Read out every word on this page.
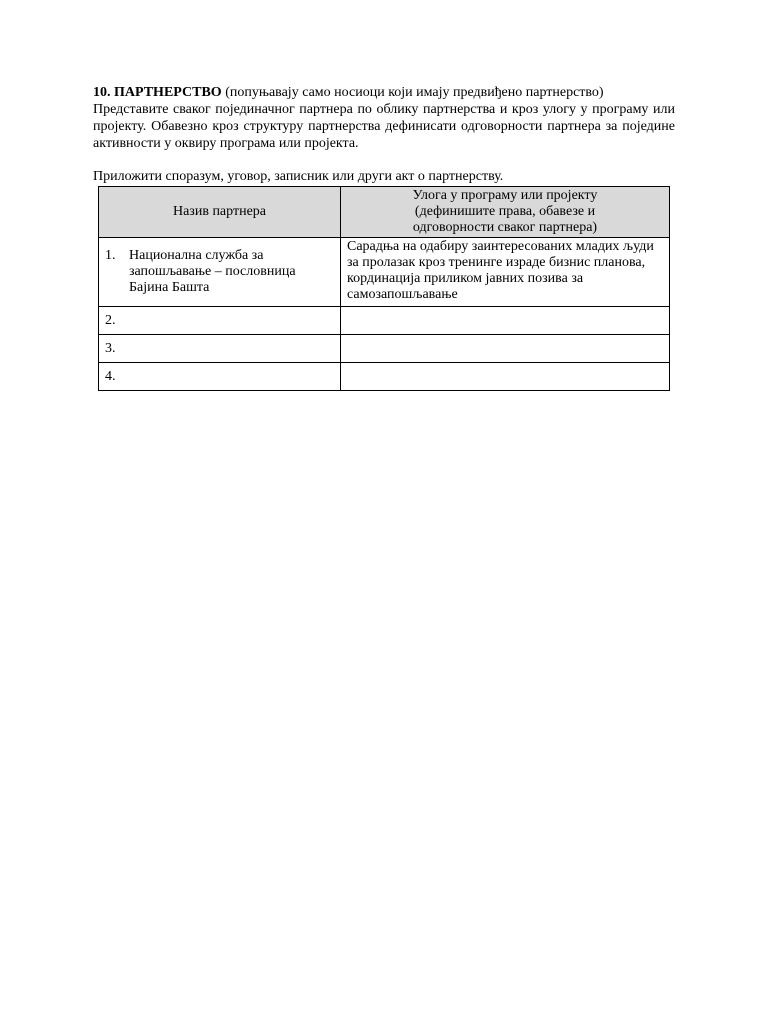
10. ПАРТНЕРСТВО (попуњавају само носиоци који имају предвиђено партнерство)

Представите сваког појединачног партнера по облику партнерства и кроз улогу у програму или пројекту. Обавезно кроз структуру партнерства дефинисати одговорности партнера за поједине активности у оквиру програма или пројекта.

Приложити споразум, уговор, записник или други акт о партнерству.

Назив партнера	Улога у програму или пројекту
(дефинишите права, обавезе и
одговорности сваког партнера)

1. Национална служба за запошљавање – пословница Бајина Башта	Сарадња на одабиру заинтересованих младих људи за пролазак кроз тренинге израде бизнис планова, кординација приликом јавних позива за самозапошљавање
2.	
3.	
4.	
